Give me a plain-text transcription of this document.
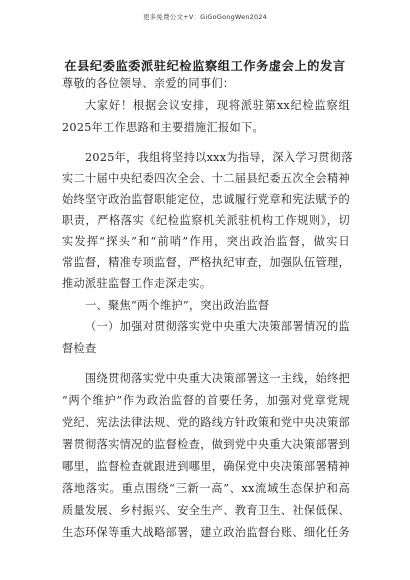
更多免费公文+V：GiGoGongWen2024
在县纪委监委派驻纪检监察组工作务虚会上的发言
尊敬的各位领导、亲爱的同事们：
大家好！根据会议安排，现将派驻第xx纪检监察组
2025年工作思路和主要措施汇报如下。
2025年，我组将坚持以xxx为指导，深入学习贯彻落
实二十届中央纪委四次全会、十二届县纪委五次全会精神
始终坚守政治监督职能定位，忠诚履行党章和宪法赋予的
职责，严格落实《纪检监察机关派驻机构工作规则》，切
实发挥“探头”和“前哨”作用，突出政治监督，做实日
常监督，精准专项监督，严格执纪审查，加强队伍管理，
推动派驻监督工作走深走实。
一、聚焦“两个维护”，突出政治监督
（一）加强对贯彻落实党中央重大决策部署情况的监
督检查
围绕贯彻落实党中央重大决策部署这一主线，始终把
“两个维护”作为政治监督的首要任务，加强对党章党规
党纪、宪法法律法规、党的路线方针政策和党中央决策部
署贯彻落实情况的监督检查，做到党中央重大决策部署到
哪里，监督检查就跟进到哪里，确保党中央决策部署精神
落地落实。重点围绕“三新一高”、xx流域生态保护和高
质量发展、乡村振兴、安全生产、教育卫生、社保低保、
生态环保等重大战略部署，建立政治监督台账、细化任务
